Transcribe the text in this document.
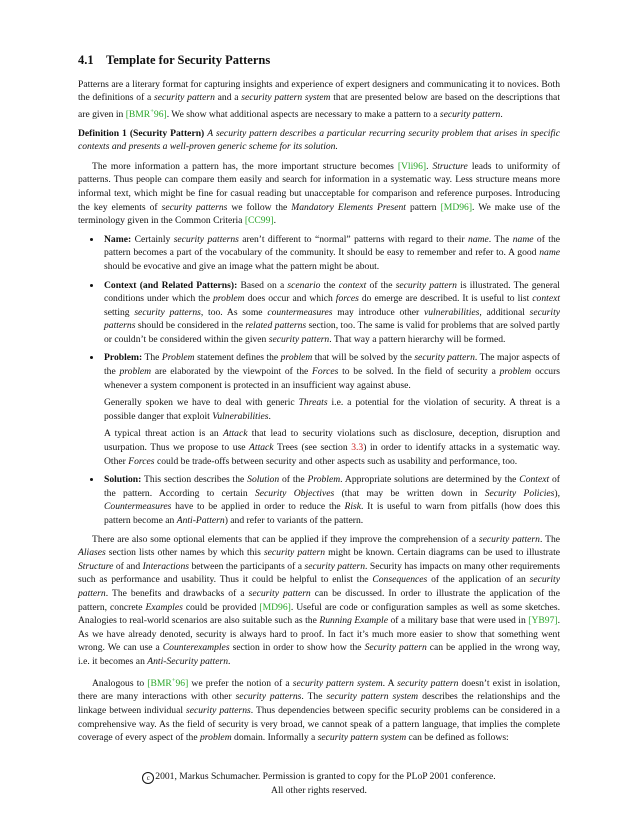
4.1 Template for Security Patterns

Patterns are a literary format for capturing insights and experience of expert designers and communicating it to novices. Both the definitions of a security pattern and a security pattern system that are presented below are based on the descriptions that are given in [BMR+96]. We show what additional aspects are necessary to make a pattern to a security pattern.

Definition 1 (Security Pattern) A security pattern describes a particular recurring security problem that arises in specific contexts and presents a well-proven generic scheme for its solution.

The more information a pattern has, the more important structure becomes [Vli96]. Structure leads to uniformity of patterns. Thus people can compare them easily and search for information in a systematic way. Less structure means more informal text, which might be fine for casual reading but unacceptable for comparison and reference purposes. Introducing the key elements of security patterns we follow the Mandatory Elements Present pattern [MD96]. We make use of the terminology given in the Common Criteria [CC99].

• Name: Certainly security patterns aren’t different to “normal” patterns with regard to their name. The name of the pattern becomes a part of the vocabulary of the community. It should be easy to remember and refer to. A good name should be evocative and give an image what the pattern might be about.
• Context (and Related Patterns): Based on a scenario the context of the security pattern is illustrated. The general conditions under which the problem does occur and which forces do emerge are described. It is useful to list context setting security patterns, too. As some countermeasures may introduce other vulnerabilities, additional security patterns should be considered in the related patterns section, too. The same is valid for problems that are solved partly or couldn’t be considered within the given security pattern. That way a pattern hierarchy will be formed.

• Problem: The Problem statement defines the problem that will be solved by the security pattern. The major aspects of the problem are elaborated by the viewpoint of the Forces to be solved. In the field of security a problem occurs whenever a system component is protected in an insufficient way against abuse.

Generally spoken we have to deal with generic Threats i.e. a potential for the violation of security. A threat is a possible danger that exploit Vulnerabilities.

A typical threat action is an Attack that lead to security violations such as disclosure, deception, disruption and usurpation. Thus we propose to use Attack Trees (see section 3.3) in order to identify attacks in a systematic way. Other Forces could be trade-offs between security and other aspects such as usability and performance, too.

• Solution: This section describes the Solution of the Problem. Appropriate solutions are determined by the Context of the pattern. According to certain Security Objectives (that may be written down in Security Policies), Countermeasures have to be applied in order to reduce the Risk. It is useful to warn from pitfalls (how does this pattern become an Anti-Pattern) and refer to variants of the pattern.

There are also some optional elements that can be applied if they improve the comprehension of a security pattern. The Aliases section lists other names by which this security pattern might be known. Certain diagrams can be used to illustrate Structure of and Interactions between the participants of a security pattern. Security has impacts on many other requirements such as performance and usability. Thus it could be helpful to enlist the Consequences of the application of an security pattern. The benefits and drawbacks of a security pattern can be discussed. In order to illustrate the application of the pattern, concrete Examples could be provided [MD96]. Useful are code or configuration samples as well as some sketches. Analogies to real-world scenarios are also suitable such as the Running Example of a military base that were used in [YB97]. As we have already denoted, security is always hard to proof. In fact it’s much more easier to show that something went wrong. We can use a Counterexamples section in order to show how the Security pattern can be applied in the wrong way, i.e. it becomes an Anti-Security pattern.

Analogous to [BMR+96] we prefer the notion of a security pattern system. A security pattern doesn’t exist in isolation, there are many interactions with other security patterns. The security pattern system describes the relationships and the linkage between individual security patterns. Thus dependencies between specific security problems can be considered in a comprehensive way. As the field of security is very broad, we cannot speak of a pattern language, that implies the complete coverage of every aspect of the problem domain. Informally a security pattern system can be defined as follows:

c 2001, Markus Schumacher. Permission is granted to copy for the PLoP 2001 conference.
All other rights reserved.
